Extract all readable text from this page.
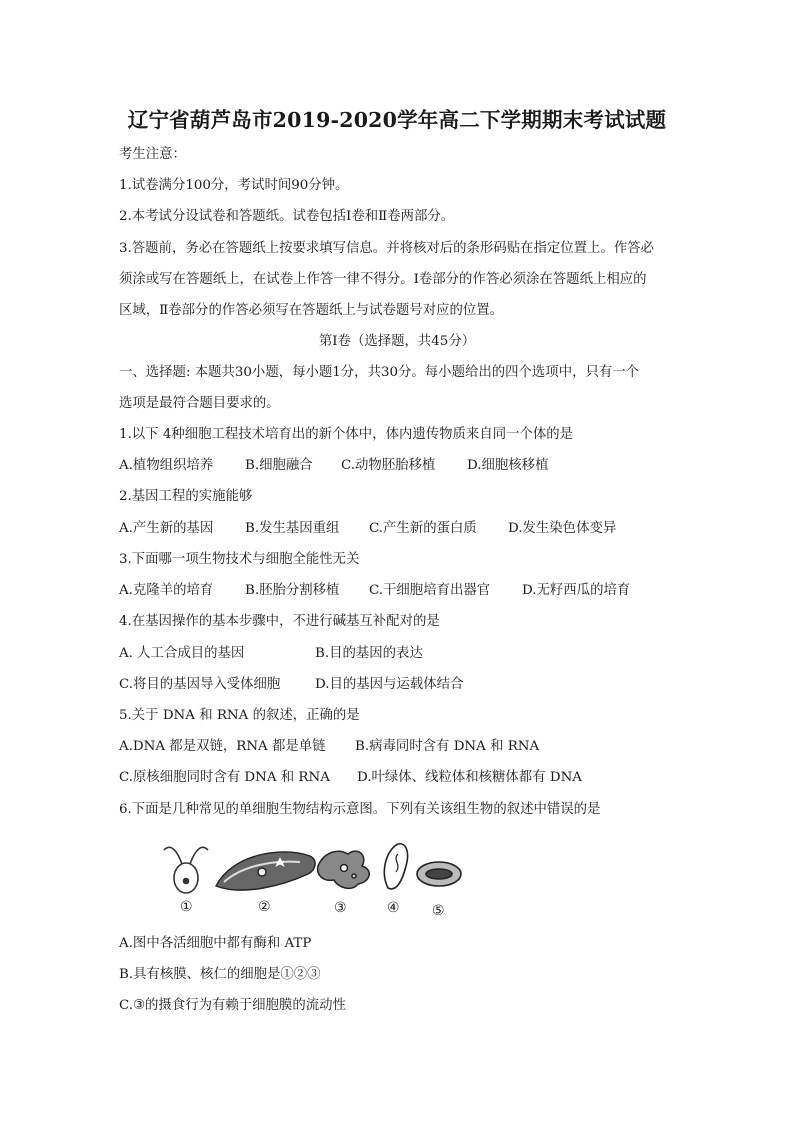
辽宁省葫芦岛市2019-2020学年高二下学期期末考试试题
考生注意：
1.试卷满分100分，考试时间90分钟。
2.本考试分设试卷和答题纸。试卷包括Ⅰ卷和Ⅱ卷两部分。
3.答题前，务必在答题纸上按要求填写信息。并将核对后的条形码贴在指定位置上。作答必
须涂或写在答题纸上，在试卷上作答一律不得分。Ⅰ卷部分的作答必须涂在答题纸上相应的
区域，Ⅱ卷部分的作答必须写在答题纸上与试卷题号对应的位置。
第Ⅰ卷（选择题，共45分）
一、选择题: 本题共30小题，每小题1分，共30分。每小题给出的四个选项中，只有一个
选项是最符合题目要求的。
1.以下 4种细胞工程技术培育出的新个体中，体内遗传物质来自同一个体的是
A.植物组织培养 B.细胞融合 C.动物胚胎移植 D.细胞核移植
2.基因工程的实施能够
A.产生新的基因 B.发生基因重组 C.产生新的蛋白质 D.发生染色体变异
3.下面哪一项生物技术与细胞全能性无关
A.克隆羊的培育 B.胚胎分割移植 C.干细胞培育出器官 D.无籽西瓜的培育
4.在基因操作的基本步骤中，不进行碱基互补配对的是
A. 人工合成目的基因	B.目的基因的表达
C.将目的基因导入受体细胞	D.目的基因与运载体结合
5.关于 DNA 和 RNA 的叙述，正确的是
A.DNA 都是双链，RNA 都是单链 B.病毒同时含有 DNA 和 RNA
C.原核细胞同时含有 DNA 和 RNA D.叶绿体、线粒体和核糖体都有 DNA
6.下面是几种常见的单细胞生物结构示意图。下列有关该组生物的叙述中错误的是
①	②	③	④ ⑤
A.图中各活细胞中都有酶和 ATP
B.具有核膜、核仁的细胞是①②③
C.③的摄食行为有赖于细胞膜的流动性
